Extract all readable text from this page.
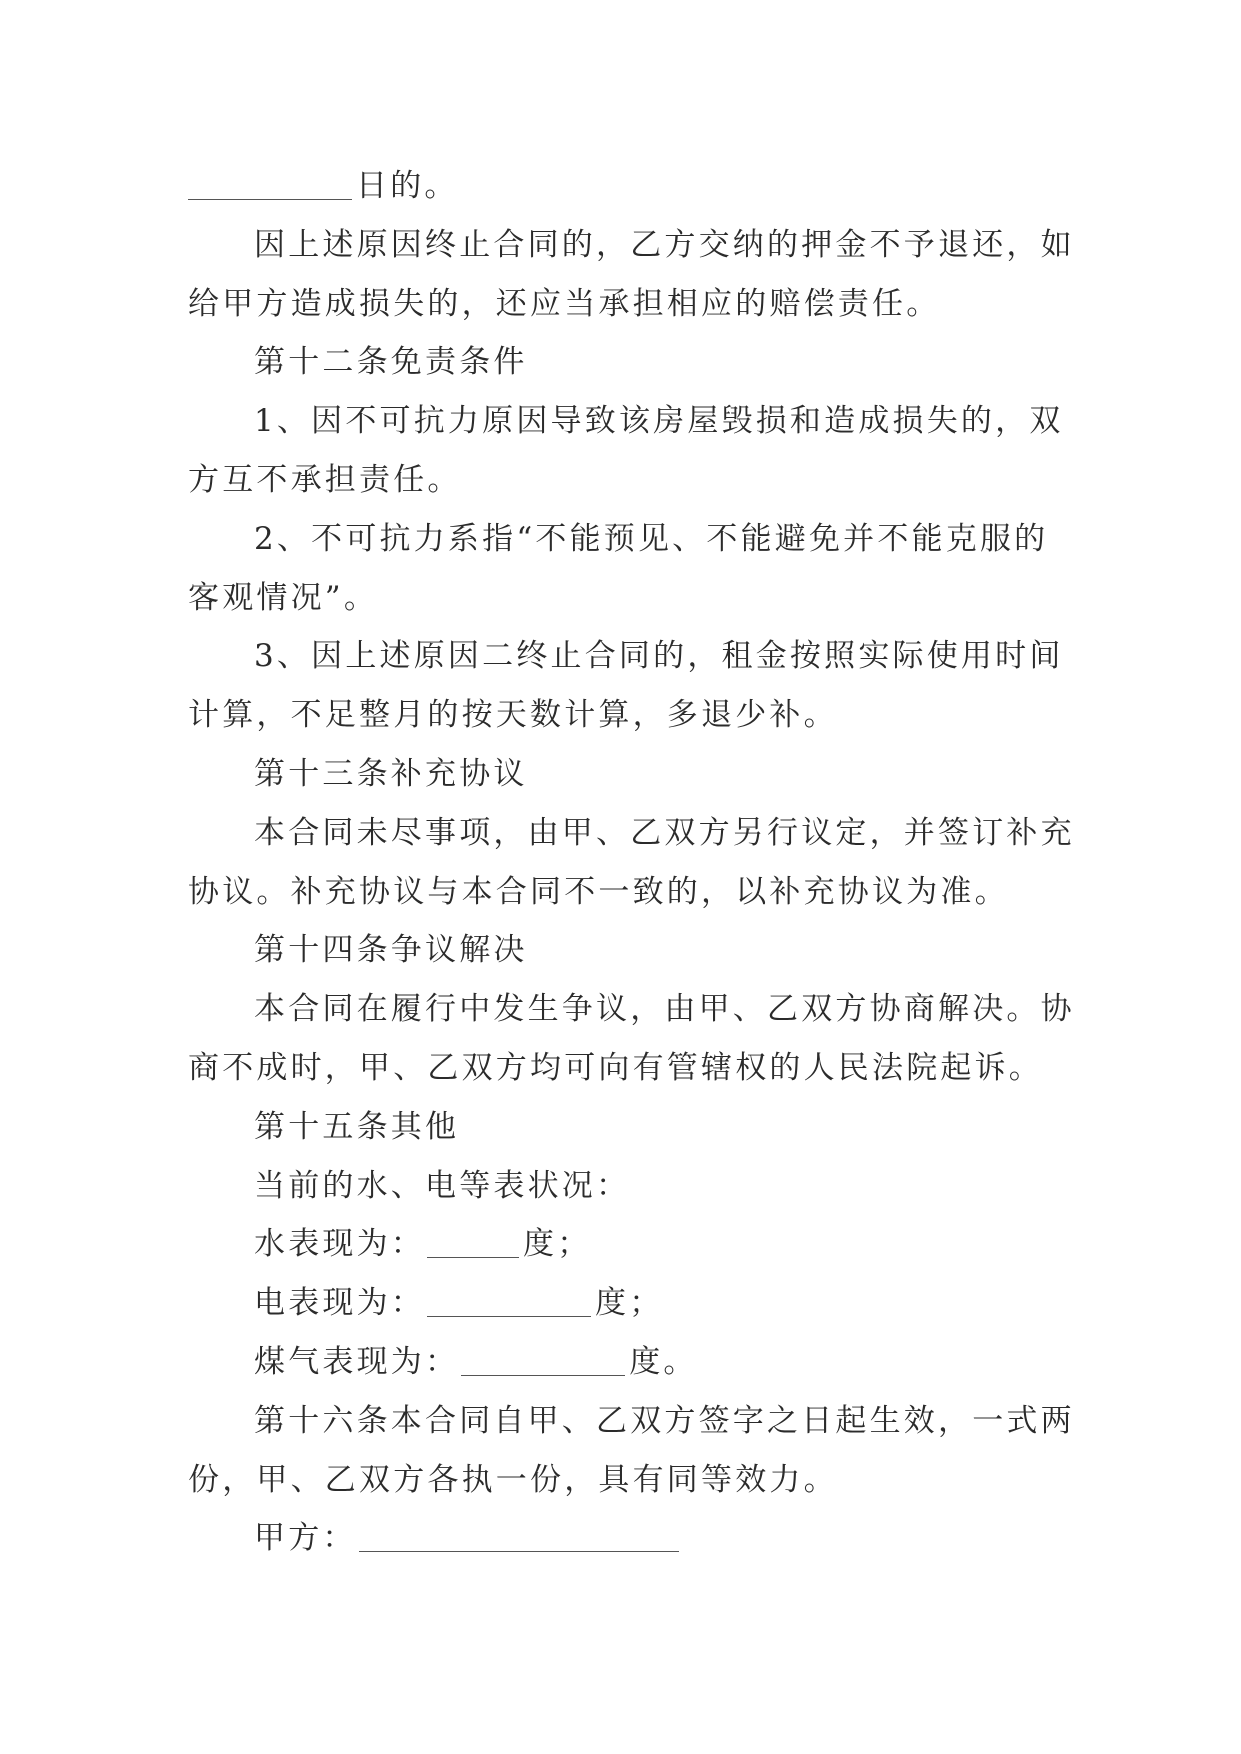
日的。
因上述原因终止合同的，乙方交纳的押金不予退还，如
给甲方造成损失的，还应当承担相应的赔偿责任。
第十二条免责条件
1、因不可抗力原因导致该房屋毁损和造成损失的，双
方互不承担责任。
2、不可抗力系指“不能预见、不能避免并不能克服的
客观情况”。
3、因上述原因二终止合同的，租金按照实际使用时间
计算，不足整月的按天数计算，多退少补。
第十三条补充协议
本合同未尽事项，由甲、乙双方另行议定，并签订补充
协议。补充协议与本合同不一致的，以补充协议为准。
第十四条争议解决
本合同在履行中发生争议，由甲、乙双方协商解决。协
商不成时，甲、乙双方均可向有管辖权的人民法院起诉。
第十五条其他
当前的水、电等表状况：
水表现为：	度；
电表现为：	度；
煤气表现为：	度。
第十六条本合同自甲、乙双方签字之日起生效，一式两
份，甲、乙双方各执一份，具有同等效力。
甲方：
